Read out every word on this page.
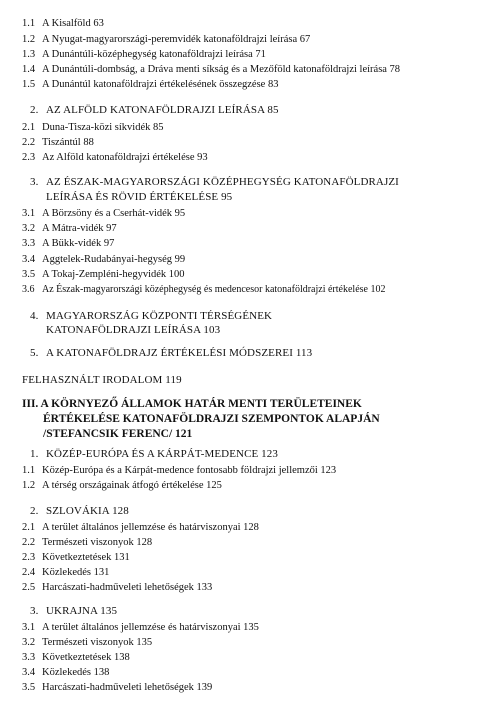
1.1 A Kisalföld 63
1.2 A Nyugat-magyarországi-peremvidék katonaföldrajzi leírása 67
1.3 A Dunántúli-középhegység katonaföldrajzi leírása 71
1.4 A Dunántúli-dombság, a Dráva menti síkság és a Mezőföld katonaföldrajzi leírása 78
1.5 A Dunántúl katonaföldrajzi értékelésének összegzése 83
2. AZ ALFÖLD KATONAFÖLDRAJZI LEÍRÁSA 85
2.1 Duna-Tisza-közi síkvidék 85
2.2 Tiszántúl 88
2.3 Az Alföld katonaföldrajzi értékelése 93
3. AZ ÉSZAK-MAGYARORSZÁGI KÖZÉPHEGYSÉG KATONAFÖLDRAJZI
LEÍRÁSA ÉS RÖVID ÉRTÉKELÉSE 95
3.1 A Börzsöny és a Cserhát-vidék 95
3.2 A Mátra-vidék 97
3.3 A Bükk-vidék 97
3.4 Aggtelek-Rudabányai-hegység 99
3.5 A Tokaj-Zempléni-hegyvidék 100
3.6 Az Észak-magyarországi középhegység és medencesor katonaföldrajzi értékelése 102
4. MAGYARORSZÁG KÖZPONTI TÉRSÉGÉNEK
KATONAFÖLDRAJZI LEÍRÁSA 103
5. A KATONAFÖLDRAJZ ÉRTÉKELÉSI MÓDSZEREI 113
FELHASZNÁLT IRODALOM 119
III. A KÖRNYEZŐ ÁLLAMOK HATÁR MENTI TERÜLETEINEK
ÉRTÉKELÉSE KATONAFÖLDRAJZI SZEMPONTOK ALAPJÁN
/STEFANCSIK FERENC/ 121
1. KÖZÉP-EURÓPA ÉS A KÁRPÁT-MEDENCE 123
1.1 Közép-Európa és a Kárpát-medence fontosabb földrajzi jellemzői 123
1.2 A térség országainak átfogó értékelése 125
2. SZLOVÁKIA 128
2.1 A terület általános jellemzése és határviszonyai 128
2.2 Természeti viszonyok 128
2.3 Következtetések 131
2.4 Közlekedés 131
2.5 Harcászati-hadműveleti lehetőségek 133
3. UKRAJNA 135
3.1 A terület általános jellemzése és határviszonyai 135
3.2 Természeti viszonyok 135
3.3 Következtetések 138
3.4 Közlekedés 138
3.5 Harcászati-hadműveleti lehetőségek 139
